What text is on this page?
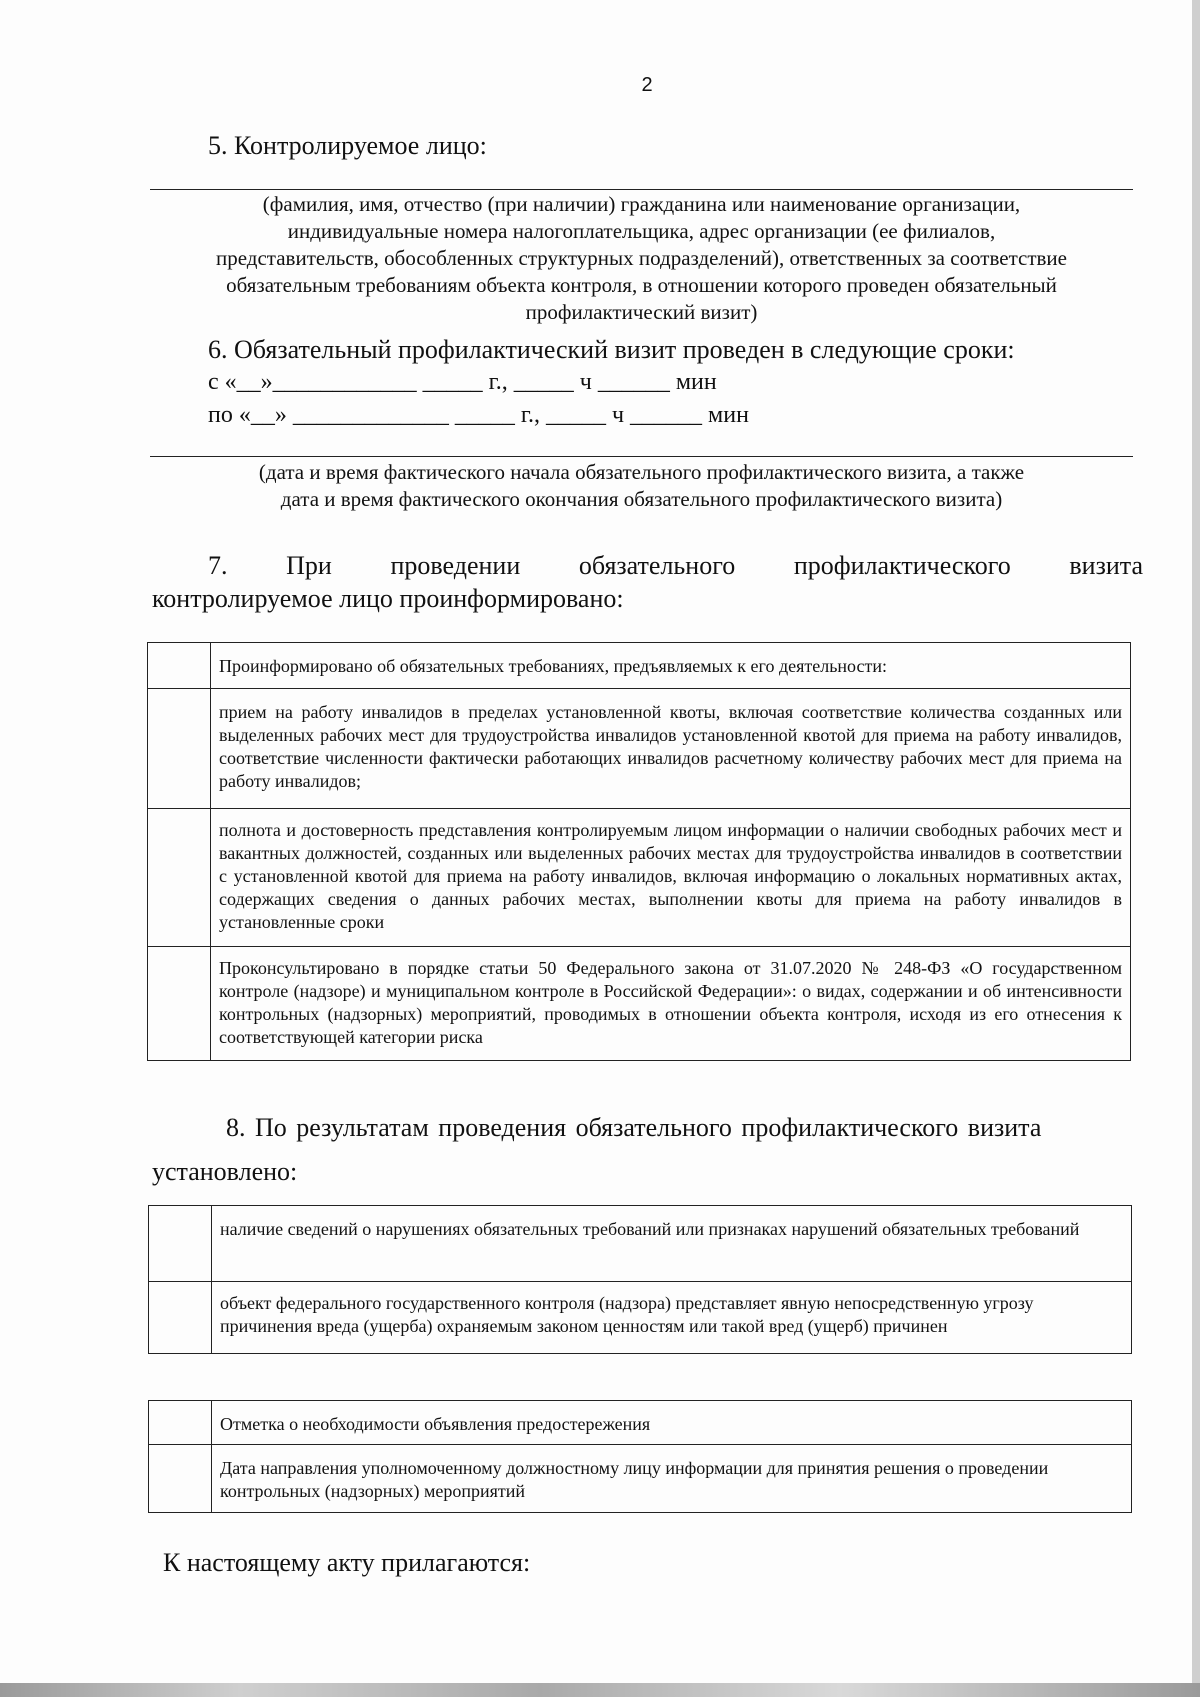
2
5. Контролируемое лицо:
(фамилия, имя, отчество (при наличии) гражданина или наименование организации,
индивидуальные номера налогоплательщика, адрес организации (ее филиалов,
представительств, обособленных структурных подразделений), ответственных за соответствие
обязательным требованиям объекта контроля, в отношении которого проведен обязательный
профилактический визит)
6. Обязательный профилактический визит проведен в следующие сроки:
с «__»____________ _____ г., _____ ч ______ мин
по «__» _____________ _____ г., _____ ч ______ мин
(дата и время фактического начала обязательного профилактического визита, а также
дата и время фактического окончания обязательного профилактического визита)
7. При проведении обязательного профилактического визита
контролируемое лицо проинформировано:
	Проинформировано об обязательных требованиях, предъявляемых к его деятельности:
	прием на работу инвалидов в пределах установленной квоты, включая соответствие количества созданных или выделенных рабочих мест для трудоустройства инвалидов установленной квотой для приема на работу инвалидов, соответствие численности фактически работающих инвалидов расчетному количеству рабочих мест для приема на работу инвалидов;
	полнота и достоверность представления контролируемым лицом информации о наличии свободных рабочих мест и вакантных должностей, созданных или выделенных рабочих местах для трудоустройства инвалидов в соответствии с установленной квотой для приема на работу инвалидов, включая информацию о локальных нормативных актах, содержащих сведения о данных рабочих местах, выполнении квоты для приема на работу инвалидов в установленные сроки
	Проконсультировано в порядке статьи 50 Федерального закона от 31.07.2020 № 248-ФЗ «О государственном контроле (надзоре) и муниципальном контроле в Российской Федерации»: о видах, содержании и об интенсивности контрольных (надзорных) мероприятий, проводимых в отношении объекта контроля, исходя из его отнесения к соответствующей категории риска
8. По результатам проведения обязательного профилактического визита
установлено:
	наличие сведений о нарушениях обязательных требований или признаках нарушений обязательных требований
	объект федерального государственного контроля (надзора) представляет явную непосредственную угрозу причинения вреда (ущерба) охраняемым законом ценностям или такой вред (ущерб) причинен
	Отметка о необходимости объявления предостережения
	Дата направления уполномоченному должностному лицу информации для принятия решения о проведении контрольных (надзорных) мероприятий
К настоящему акту прилагаются:
